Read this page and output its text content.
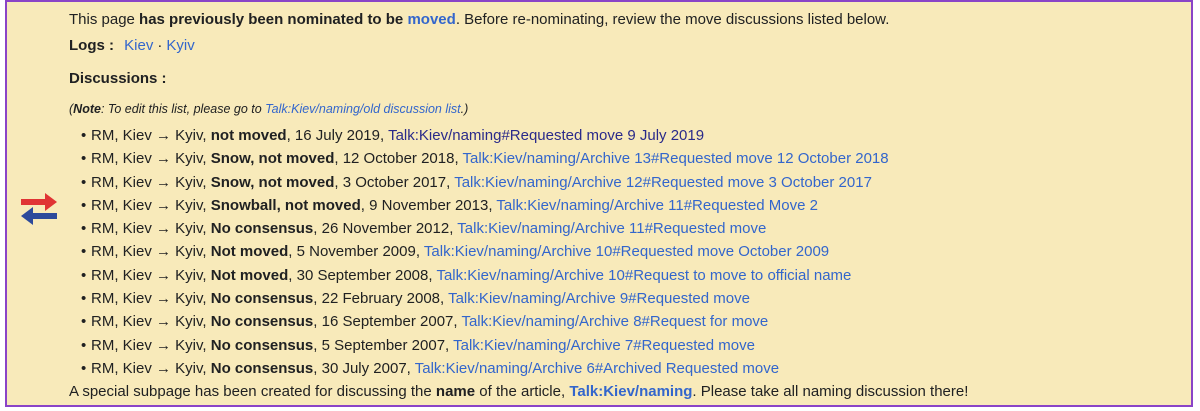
This page has previously been nominated to be moved. Before re-nominating, review the move discussions listed below.
Logs : Kiev · Kyiv
Discussions :
(Note: To edit this list, please go to Talk:Kiev/naming/old discussion list.)
• RM, Kiev → Kyiv, not moved, 16 July 2019, Talk:Kiev/naming#Requested move 9 July 2019
• RM, Kiev → Kyiv, Snow, not moved, 12 October 2018, Talk:Kiev/naming/Archive 13#Requested move 12 October 2018
• RM, Kiev → Kyiv, Snow, not moved, 3 October 2017, Talk:Kiev/naming/Archive 12#Requested move 3 October 2017
• RM, Kiev → Kyiv, Snowball, not moved, 9 November 2013, Talk:Kiev/naming/Archive 11#Requested Move 2
• RM, Kiev → Kyiv, No consensus, 26 November 2012, Talk:Kiev/naming/Archive 11#Requested move
• RM, Kiev → Kyiv, Not moved, 5 November 2009, Talk:Kiev/naming/Archive 10#Requested move October 2009
• RM, Kiev → Kyiv, Not moved, 30 September 2008, Talk:Kiev/naming/Archive 10#Request to move to official name
• RM, Kiev → Kyiv, No consensus, 22 February 2008, Talk:Kiev/naming/Archive 9#Requested move
• RM, Kiev → Kyiv, No consensus, 16 September 2007, Talk:Kiev/naming/Archive 8#Request for move
• RM, Kiev → Kyiv, No consensus, 5 September 2007, Talk:Kiev/naming/Archive 7#Requested move
• RM, Kiev → Kyiv, No consensus, 30 July 2007, Talk:Kiev/naming/Archive 6#Archived Requested move
A special subpage has been created for discussing the name of the article, Talk:Kiev/naming. Please take all naming discussion there!
